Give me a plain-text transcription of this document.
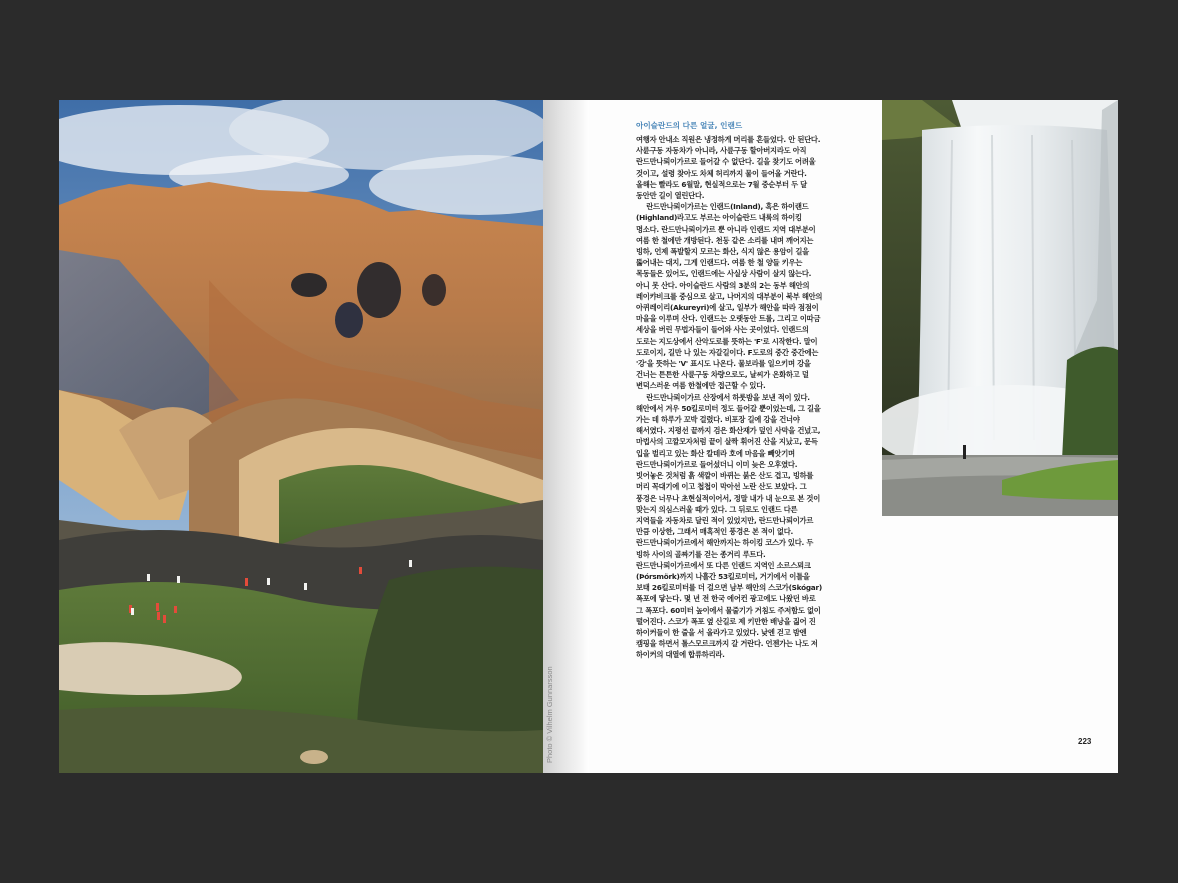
Photo © Vilhelm Gunnarsson
아이슬란드의 다른 얼굴, 인랜드

여행자 안내소 직원은 냉정하게 머리를 흔들었다. 안 된단다. 사륜구동 자동차가 아니라, 사륜구동 할아버지라도 아직 란드만나뢰이가르로 들어갈 수 없단다. 길을 찾기도 어려울 것이고, 설령 찾아도 차체 허리까지 물이 들어올 거란다. 올해는 빨라도 6월말, 현실적으로는 7월 중순부터 두 달 동안만 길이 열린단다.

란드만나뢰이가르는 인랜드(Inland), 혹은 하이랜드(Highland)라고도 부르는 아이슬란드 내륙의 하이킹 명소다. 란드만나뢰이가르 뿐 아니라 인랜드 지역 대부분이 여름 한 철에만 개방된다. 천둥 같은 소리를 내며 깨어지는 빙하, 언제 폭발할지 모르는 화산, 식지 않은 용암이 길을 뚫어내는 대지, 그게 인랜드다. 여름 한 철 양들 키우는 목동들은 있어도, 인랜드에는 사실상 사람이 살지 않는다. 아니 못 산다. 아이슬란드 사람의 3분의 2는 동부 해안의 레이캬비크를 중심으로 살고, 나머지의 대부분이 북부 해안의 아퀴레이리(Akureyri)에 살고, 일부가 해안을 따라 점점이 마을을 이루며 산다. 인랜드는 오랫동안 트롤, 그리고 이따금 세상을 버린 무법자들이 들어와 사는 곳이었다. 인랜드의 도로는 지도상에서 산악도로를 뜻하는 'F'로 시작한다. 말이 도로이지, 길만 나 있는 자갈길이다. F도로의 중간 중간에는 '강'을 뜻하는 'V' 표시도 나온다. 물보라를 일으키며 강을 건너는 튼튼한 사륜구동 차량으로도, 날씨가 온화하고 덜 변덕스러운 여름 한철에만 접근할 수 있다.

란드만나뢰이가르 산장에서 하룻밤을 보낸 적이 있다. 해안에서 겨우 50킬로미터 정도 들어갈 뿐이었는데, 그 길을 가는 데 하루가 꼬박 걸렸다. 비포장 길에 강을 건너야 해서였다. 지평선 끝까지 검은 화산재가 덮인 사막을 건넜고, 마법사의 고깔모자처럼 끝이 살짝 휘어진 산을 지났고, 문득 입을 벌리고 있는 화산 칼데라 호에 마음을 빼앗기며 란드만나뢰이가르로 들어섰더니 이미 늦은 오후였다. 빗어놓은 것처럼 흙 색깔이 바뀌는 붉은 산도 겹고, 빙하를 머리 꼭대기에 이고 첩첩이 막아선 노란 산도 보았다. 그 풍경은 너무나 초현실적이어서, 정말 내가 내 눈으로 본 것이 맞는지 의심스러울 때가 있다. 그 뒤로도 인랜드 다른 지역들을 자동차로 달린 적이 있었지만, 란드만나뢰이가르 만큼 이상한, 그래서 매혹적인 풍경은 본 적이 없다. 란드만나뢰이가르에서 해안까지는 하이킹 코스가 있다. 두 빙하 사이의 골짜기를 걷는 종거리 루트다. 란드만나뢰이가르에서 또 다른 인랜드 지역인 소르스뫼크(Þórsmörk)까지 나흘간 53킬로미터, 거기에서 이틀을 보태 26킬로미터를 더 걸으면 남부 해안의 스코가(Skógar) 폭포에 닿는다. 몇 년 전 한국 에어컨 광고에도 나왔던 바로 그 폭포다. 60미터 높이에서 물줄기가 거침도 주저함도 없이 떨어진다. 스코가 폭포 옆 산길로 제 키만한 배낭을 짊어 진 하이커들이 한 줄을 서 올라가고 있었다. 낮엔 걷고 밤엔 캠핑을 하면서 톨스모르크까지 갈 거란다. 언젠가는 나도 저 하이커의 대열에 합류하리라.

223
